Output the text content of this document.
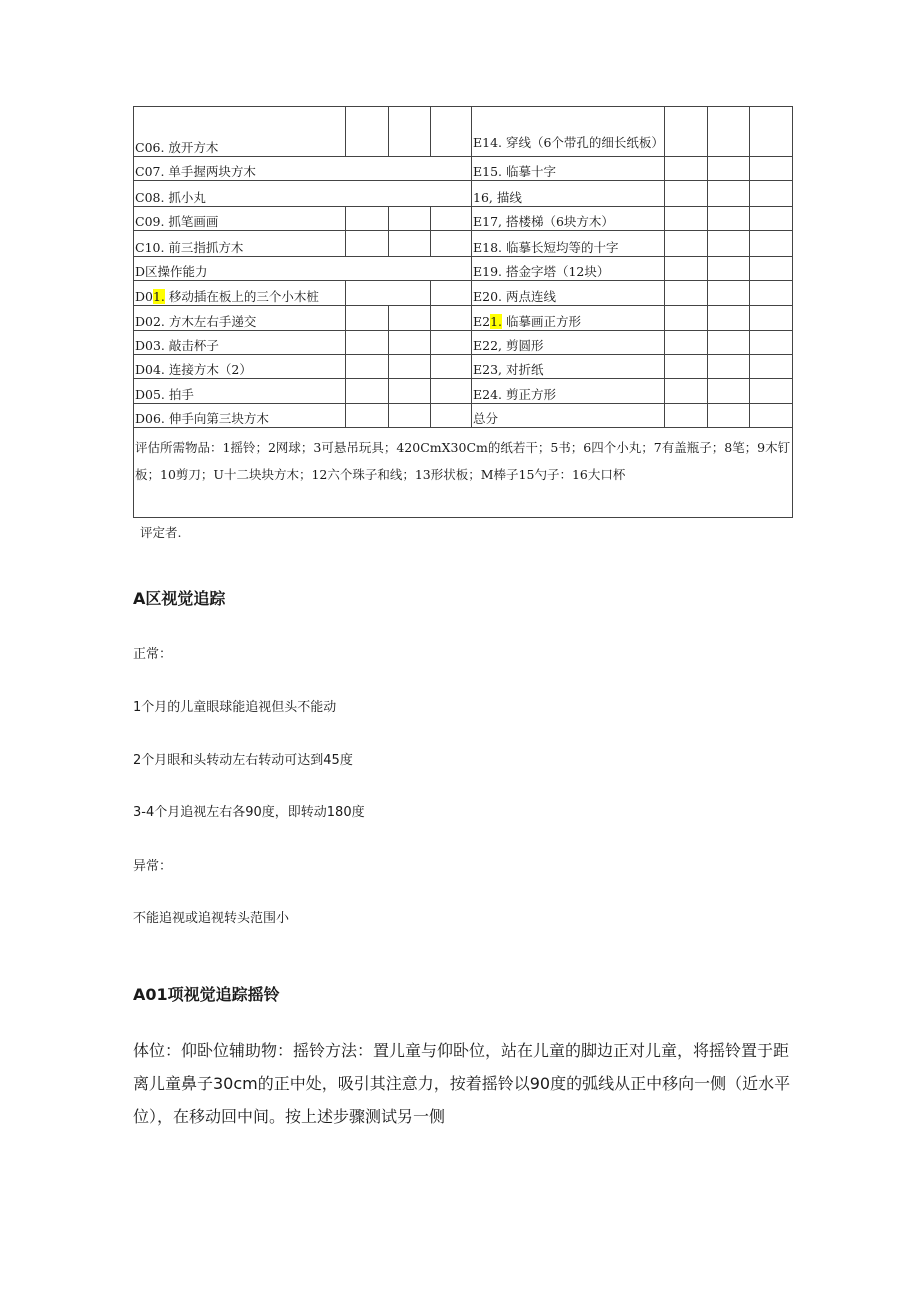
C06. 放开方木				E14. 穿线（6个带孔的细长纸板）			
C07. 单手握两块方木				E15. 临摹十字			
C08. 抓小丸				16, 描线			
C09. 抓笔画画				E17, 搭楼梯（6块方木）			
C10. 前三指抓方木				E18. 临摹长短均等的十字			
D区操作能力				E19. 搭金字塔（12块）			
D01. 移动插在板上的三个小木桩				E20. 两点连线			
D02. 方木左右手递交				E21. 临摹画正方形			
D03. 敲击杯子				E22, 剪圆形			
D04. 连接方木（2）				E23, 对折纸			
D05. 拍手				E24. 剪正方形			
D06. 伸手向第三块方木				总分			
评估所需物品：1摇铃；2网球；3可悬吊玩具；420CmX30Cm的纸若干；5书；6四个小丸；7有盖瓶子；8笔；9木钉板；10剪刀；U十二块块方木；12六个珠子和线；13形状板；M棒子15勺子：16大口杯							
评定者.
A区视觉追踪
正常：
1个月的儿童眼球能追视但头不能动
2个月眼和头转动左右转动可达到45度
3-4个月追视左右各90度，即转动180度
异常：
不能追视或追视转头范围小
A01项视觉追踪摇铃
体位：仰卧位辅助物：摇铃方法：置儿童与仰卧位，站在儿童的脚边正对儿童，将摇铃置于距离儿童鼻子30cm的正中处，吸引其注意力，按着摇铃以90度的弧线从正中移向一侧（近水平位），在移动回中间。按上述步骤测试另一侧
